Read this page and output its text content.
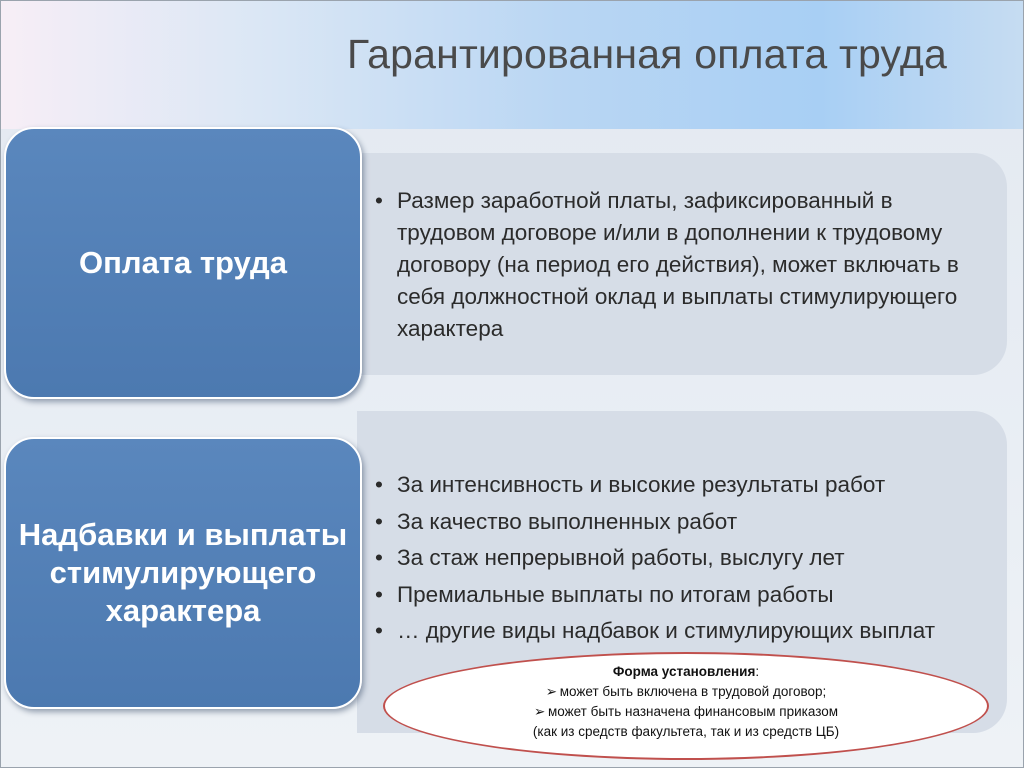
Гарантированная оплата труда
Оплата труда
• Размер заработной платы, зафиксированный в трудовом договоре и/или в дополнении к трудовому договору (на период его действия), может включать в себя должностной оклад и выплаты стимулирующего характера
Надбавки и выплаты стимулирующего характера
• За интенсивность и высокие результаты работ
• За качество выполненных работ
• За стаж непрерывной работы, выслугу лет
• Премиальные выплаты по итогам работы
• … другие виды надбавок и стимулирующих выплат
Форма установления:
➢ может быть включена в трудовой договор;
➢ может быть назначена финансовым приказом
(как из средств факультета, так и из средств ЦБ)
